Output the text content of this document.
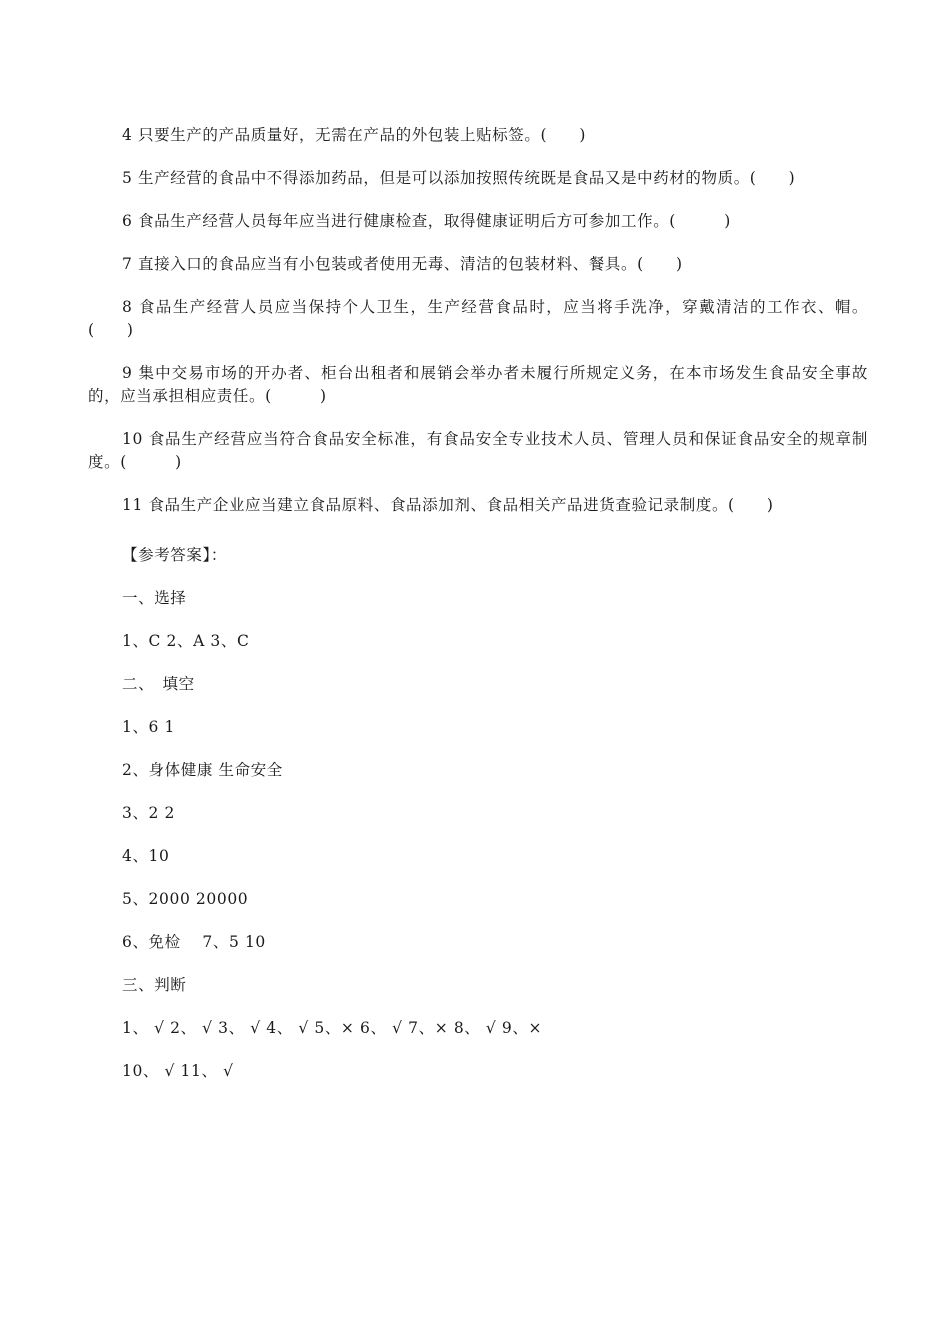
4 只要生产的产品质量好，无需在产品的外包装上贴标签。(　　)

5 生产经营的食品中不得添加药品，但是可以添加按照传统既是食品又是中药材的物质。(　　)

6 食品生产经营人员每年应当进行健康检查，取得健康证明后方可参加工作。(　　　)

7 直接入口的食品应当有小包装或者使用无毒、清洁的包装材料、餐具。(　　)

8 食品生产经营人员应当保持个人卫生，生产经营食品时，应当将手洗净，穿戴清洁的工作衣、帽。(　　)

9 集中交易市场的开办者、柜台出租者和展销会举办者未履行所规定义务，在本市场发生食品安全事故的，应当承担相应责任。(　　　)

10 食品生产经营应当符合食品安全标准，有食品安全专业技术人员、管理人员和保证食品安全的规章制度。(　　　)

11 食品生产企业应当建立食品原料、食品添加剂、食品相关产品进货查验记录制度。(　　)

【参考答案】：
一、选择
1、C 2、A 3、C
二、　填空
1、6 1
2、身体健康 生命安全
3、2 2
4、10
5、2000 20000
6、免检　 7、5 10
三、判断
1、 √ 2、 √ 3、 √ 4、 √ 5、× 6、 √ 7、× 8、 √ 9、×
10、 √ 11、 √
